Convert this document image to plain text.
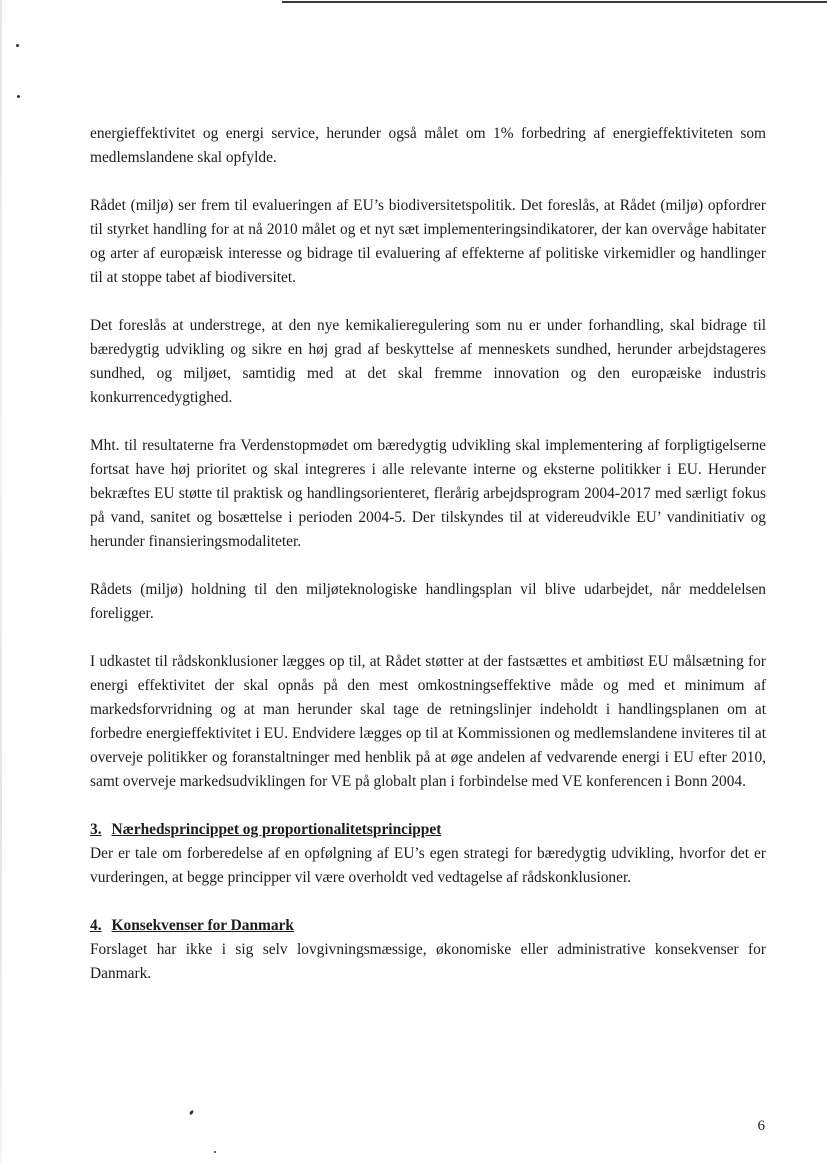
energieffektivitet og energi service, herunder også målet om 1% forbedring af energieffektiviteten som medlemslandene skal opfylde.

Rådet (miljø) ser frem til evalueringen af EU’s biodiversitetspolitik. Det foreslås, at Rådet (miljø) opfordrer til styrket handling for at nå 2010 målet og et nyt sæt implementeringsindikatorer, der kan overvåge habitater og arter af europæisk interesse og bidrage til evaluering af effekterne af politiske virkemidler og handlinger til at stoppe tabet af biodiversitet.

Det foreslås at understrege, at den nye kemikalieregulering som nu er under forhandling, skal bidrage til bæredygtig udvikling og sikre en høj grad af beskyttelse af menneskets sundhed, herunder arbejdstageres sundhed, og miljøet, samtidig med at det skal fremme innovation og den europæiske industris konkurrencedygtighed.

Mht. til resultaterne fra Verdenstopmødet om bæredygtig udvikling skal implementering af forpligtigelserne fortsat have høj prioritet og skal integreres i alle relevante interne og eksterne politikker i EU. Herunder bekræftes EU støtte til praktisk og handlingsorienteret, flerårig arbejdsprogram 2004-2017 med særligt fokus på vand, sanitet og bosættelse i perioden 2004-5. Der tilskyndes til at videreudvikle EU’ vandinitiativ og herunder finansieringsmodaliteter.

Rådets (miljø) holdning til den miljøteknologiske handlingsplan vil blive udarbejdet, når meddelelsen foreligger.

I udkastet til rådskonklusioner lægges op til, at Rådet støtter at der fastsættes et ambitiøst EU målsætning for energi effektivitet der skal opnås på den mest omkostningseffektive måde og med et minimum af markedsforvridning og at man herunder skal tage de retningslinjer indeholdt i handlingsplanen om at forbedre energieffektivitet i EU. Endvidere lægges op til at Kommissionen og medlemslandene inviteres til at overveje politikker og foranstaltninger med henblik på at øge andelen af vedvarende energi i EU efter 2010, samt overveje markedsudviklingen for VE på globalt plan i forbindelse med VE konferencen i Bonn 2004.

3. Nærhedsprincippet og proportionalitetsprincippet

Der er tale om forberedelse af en opfølgning af EU’s egen strategi for bæredygtig udvikling, hvorfor det er vurderingen, at begge principper vil være overholdt ved vedtagelse af rådskonklusioner.

4. Konsekvenser for Danmark

Forslaget har ikke i sig selv lovgivningsmæssige, økonomiske eller administrative konsekvenser for Danmark.

6
